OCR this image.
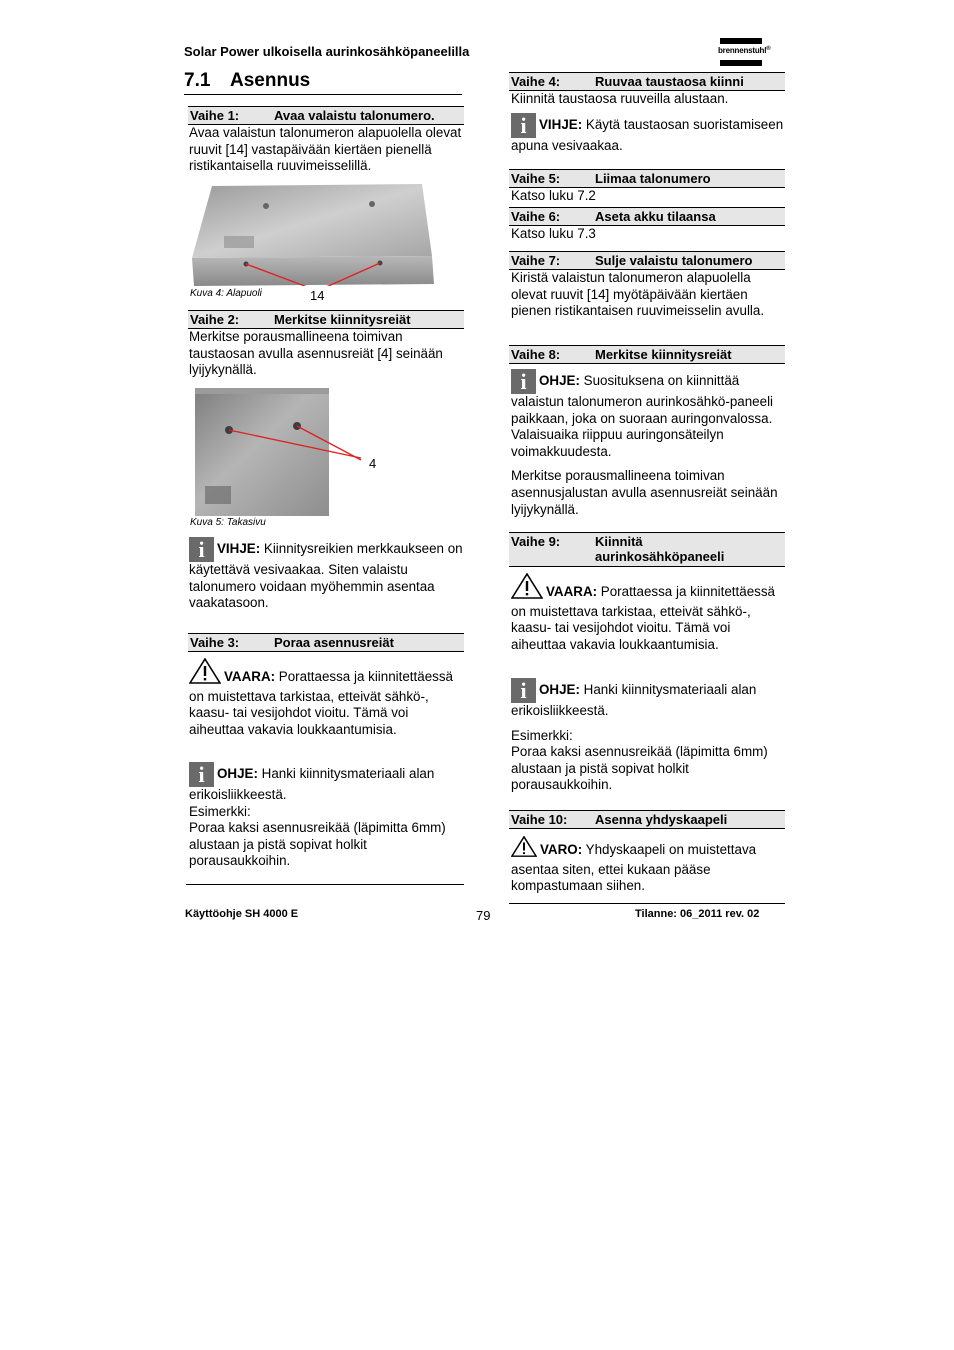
Solar Power ulkoisella aurinkosähköpaneelilla	brennenstuhl®
7.1 Asennus
Vaihe 1:	Avaa valaistu talonumero.

Avaa valaistun talonumeron alapuolella olevat ruuvit [14] vastapäivään kiertäen pienellä ristikantaisella ruuvimeisselillä.

Kuva 4: Alapuoli	14
Vaihe 2:	Merkitse kiinnitysreiät

Merkitse porausmallineena toimivan taustaosan avulla asennusreiät [4] seinään lyijykynällä.

4
Kuva 5: Takasivu

i VIHJE: Kiinnitysreikien merkkaukseen on käytettävä vesivaakaa. Siten valaistu talonumero voidaan myöhemmin asentaa vaakatasoon.

Vaihe 3:	Poraa asennusreiät

VAARA: Porattaessa ja kiinnitettäessä on muistettava tarkistaa, etteivät sähkö-, kaasu- tai vesijohdot vioitu. Tämä voi aiheuttaa vakavia loukkaantumisia.

i OHJE: Hanki kiinnitysmateriaali alan erikoisliikkeestä.

Esimerkki:

Poraa kaksi asennusreikää (läpimitta 6mm) alustaan ja pistä sopivat holkit porausaukkoihin.

Vaihe 4:	Ruuvaa taustaosa kiinni

Kiinnitä taustaosa ruuveilla alustaan.

i VIHJE: Käytä taustaosan suoristamiseen apuna vesivaakaa.

Vaihe 5:	Liimaa talonumero

Katso luku 7.2

Vaihe 6:	Aseta akku tilaansa

Katso luku 7.3

Vaihe 7:	Sulje valaistu talonumero

Kiristä valaistun talonumeron alapuolella olevat ruuvit [14] myötäpäivään kiertäen pienen ristikantaisen ruuvimeisselin avulla.

Vaihe 8:	Merkitse kiinnitysreiät

i OHJE: Suosituksena on kiinnittää valaistun talonumeron aurinkosähkö-paneeli paikkaan, joka on suoraan auringonvalossa. Valaisuaika riippuu auringonsäteilyn voimakkuudesta.

Merkitse porausmallineena toimivan asennusjalustan avulla asennusreiät seinään lyijykynällä.

Vaihe 9:	Kiinnitä
aurinkosähköpaneeli

VAARA: Porattaessa ja kiinnitettäessä on muistettava tarkistaa, etteivät sähkö-, kaasu- tai vesijohdot vioitu. Tämä voi aiheuttaa vakavia loukkaantumisia.

i OHJE: Hanki kiinnitysmateriaali alan erikoisliikkeestä.

Esimerkki:

Poraa kaksi asennusreikää (läpimitta 6mm) alustaan ja pistä sopivat holkit porausaukkoihin.

Vaihe 10:	Asenna yhdyskaapeli

VARO: Yhdyskaapeli on muistettava asentaa siten, ettei kukaan pääse kompastumaan siihen.

Käyttöohje SH 4000 E	79	Tilanne: 06_2011 rev. 02
